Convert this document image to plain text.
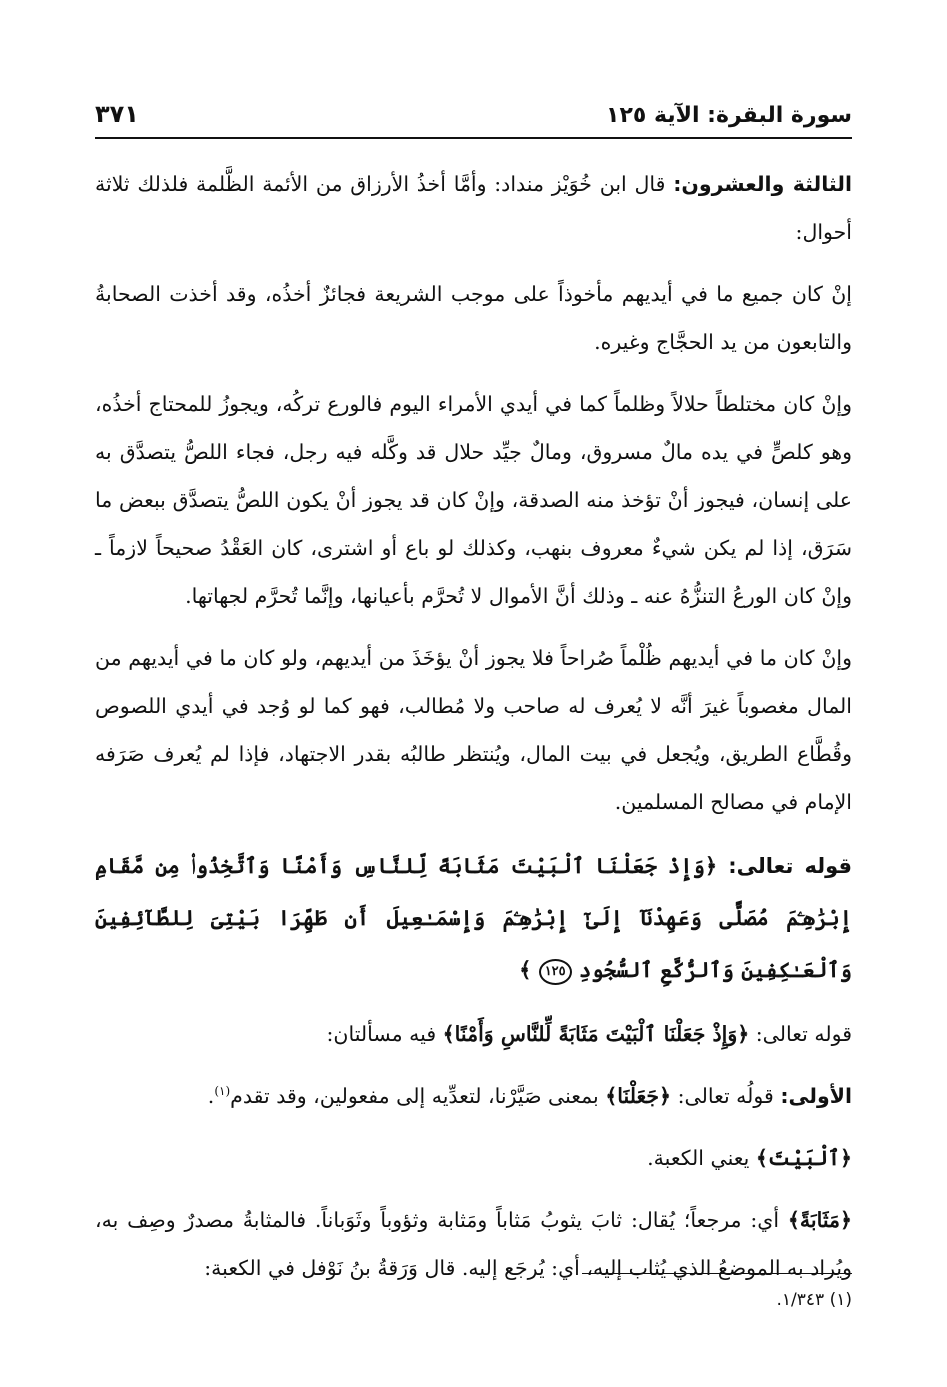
سورة البقرة: الآية ١٢٥
٣٧١

الثالثة والعشرون: قال ابن خُوَيْز منداد: وأمَّا أخذُ الأرزاق من الأئمة الظَّلمة فلذلك ثلاثة أحوال:

إنْ كان جميع ما في أيديهم مأخوذاً على موجب الشريعة فجائزٌ أخذُه، وقد أخذت الصحابةُ والتابعون من يد الحجَّاج وغيره.

وإنْ كان مختلطاً حلالاً وظلماً كما في أيدي الأمراء اليوم فالورع تركُه، ويجوزُ للمحتاج أخذُه، وهو كلصٍّ في يده مالٌ مسروق، ومالٌ جيِّد حلال قد وكَّله فيه رجل، فجاء اللصُّ يتصدَّق به على إنسان، فيجوز أنْ تؤخذ منه الصدقة، وإنْ كان قد يجوز أنْ يكون اللصُّ يتصدَّق ببعض ما سَرَق، إذا لم يكن شيءٌ معروف بنهب، وكذلك لو باع أو اشترى، كان العَقْدُ صحيحاً لازماً ـ وإنْ كان الورعُ التنزُّهُ عنه ـ وذلك أنَّ الأموال لا تُحرَّم بأعيانها، وإنَّما تُحرَّم لجهاتها.

وإنْ كان ما في أيديهم ظُلْماً صُراحاً فلا يجوز أنْ يؤخَذَ من أيديهم، ولو كان ما في أيديهم من المال مغصوباً غيرَ أنَّه لا يُعرف له صاحب ولا مُطالب، فهو كما لو وُجد في أيدي اللصوص وقُطَّاع الطريق، ويُجعل في بيت المال، ويُنتظر طالبُه بقدر الاجتهاد، فإذا لم يُعرف صَرَفه الإمام في مصالح المسلمين.

قوله تعالى: ﴿وَإِذْ جَعَلْنَا ٱلْبَيْتَ مَثَابَةً لِّلنَّاسِ وَأَمْنًا وَٱتَّخِذُوا۟ مِن مَّقَامِ إِبْرَٰهِـۧمَ مُصَلًّى وَعَهِدْنَآ إِلَىٰٓ إِبْرَٰهِـۧمَ وَإِسْمَـٰعِيلَ أَن طَهِّرَا بَيْتِىَ لِلطَّآئِفِينَ وَٱلْعَـٰكِفِينَ وَٱلرُّكَّعِ ٱلسُّجُودِ ١٢٥ ﴾

قوله تعالى: ﴿وَإِذْ جَعَلْنَا ٱلْبَيْتَ مَثَابَةً لِّلنَّاسِ وَأَمْنًا﴾ فيه مسألتان:

الأولى: قولُه تعالى: ﴿جَعَلْنَا﴾ بمعنى صَيَّرْنا، لتعدِّيه إلى مفعولين، وقد تقدم$^{(١)}$.

﴿ٱلْبَيْتَ﴾ يعني الكعبة.

﴿مَثَابَةً﴾ أي: مرجعاً؛ يُقال: ثابَ يثوبُ مَثاباً ومَثابة وثؤوباً وثَوَباناً. فالمثابةُ مصدرٌ وصِف به، ويُراد به الموضعُ الذي يُثاب إليه، أي: يُرجَع إليه. قال وَرَقةُ بنُ نَوْفل في الكعبة:

(١) ١/٣٤٣.
